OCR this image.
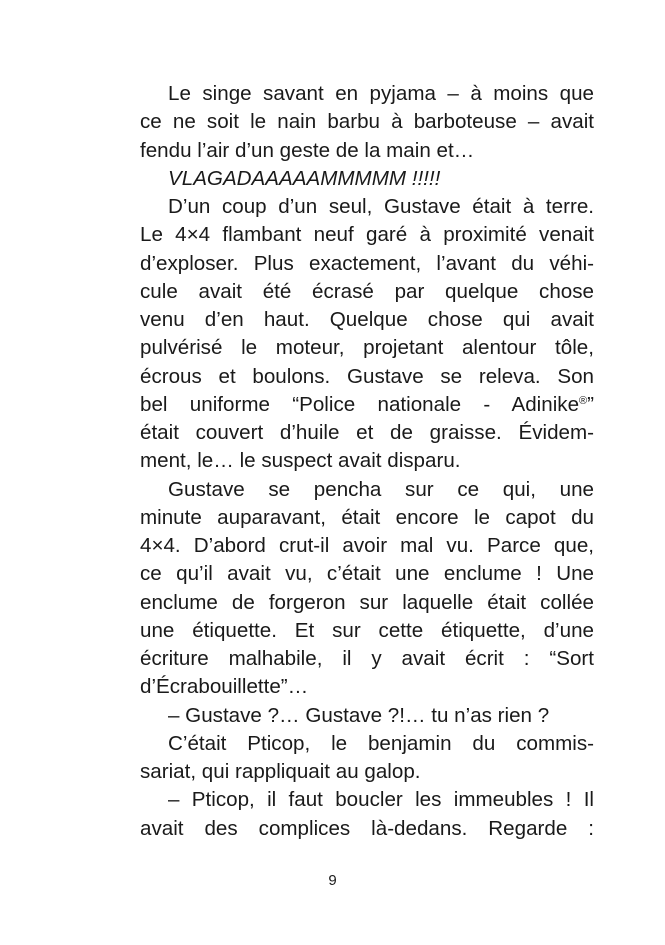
Le singe savant en pyjama – à moins que
ce ne soit le nain barbu à barboteuse – avait
fendu l’air d’un geste de la main et…
VLAGADAAAAAMMMMM !!!!!
D’un coup d’un seul, Gustave était à terre.
Le 4×4 flambant neuf garé à proximité venait
d’exploser. Plus exactement, l’avant du véhi-
cule avait été écrasé par quelque chose
venu d’en haut. Quelque chose qui avait
pulvérisé le moteur, projetant alentour tôle,
écrous et boulons. Gustave se releva. Son
bel uniforme “Police nationale - Adinike®”
était couvert d’huile et de graisse. Évidem-
ment, le… le suspect avait disparu.
Gustave se pencha sur ce qui, une
minute auparavant, était encore le capot du
4×4. D’abord crut-il avoir mal vu. Parce que,
ce qu’il avait vu, c’était une enclume ! Une
enclume de forgeron sur laquelle était collée
une étiquette. Et sur cette étiquette, d’une
écriture malhabile, il y avait écrit : “Sort
d’Écrabouillette”…
– Gustave ?… Gustave ?!… tu n’as rien ?
C’était Pticop, le benjamin du commis-
sariat, qui rappliquait au galop.
– Pticop, il faut boucler les immeubles ! Il
avait des complices là-dedans. Regarde :
9
